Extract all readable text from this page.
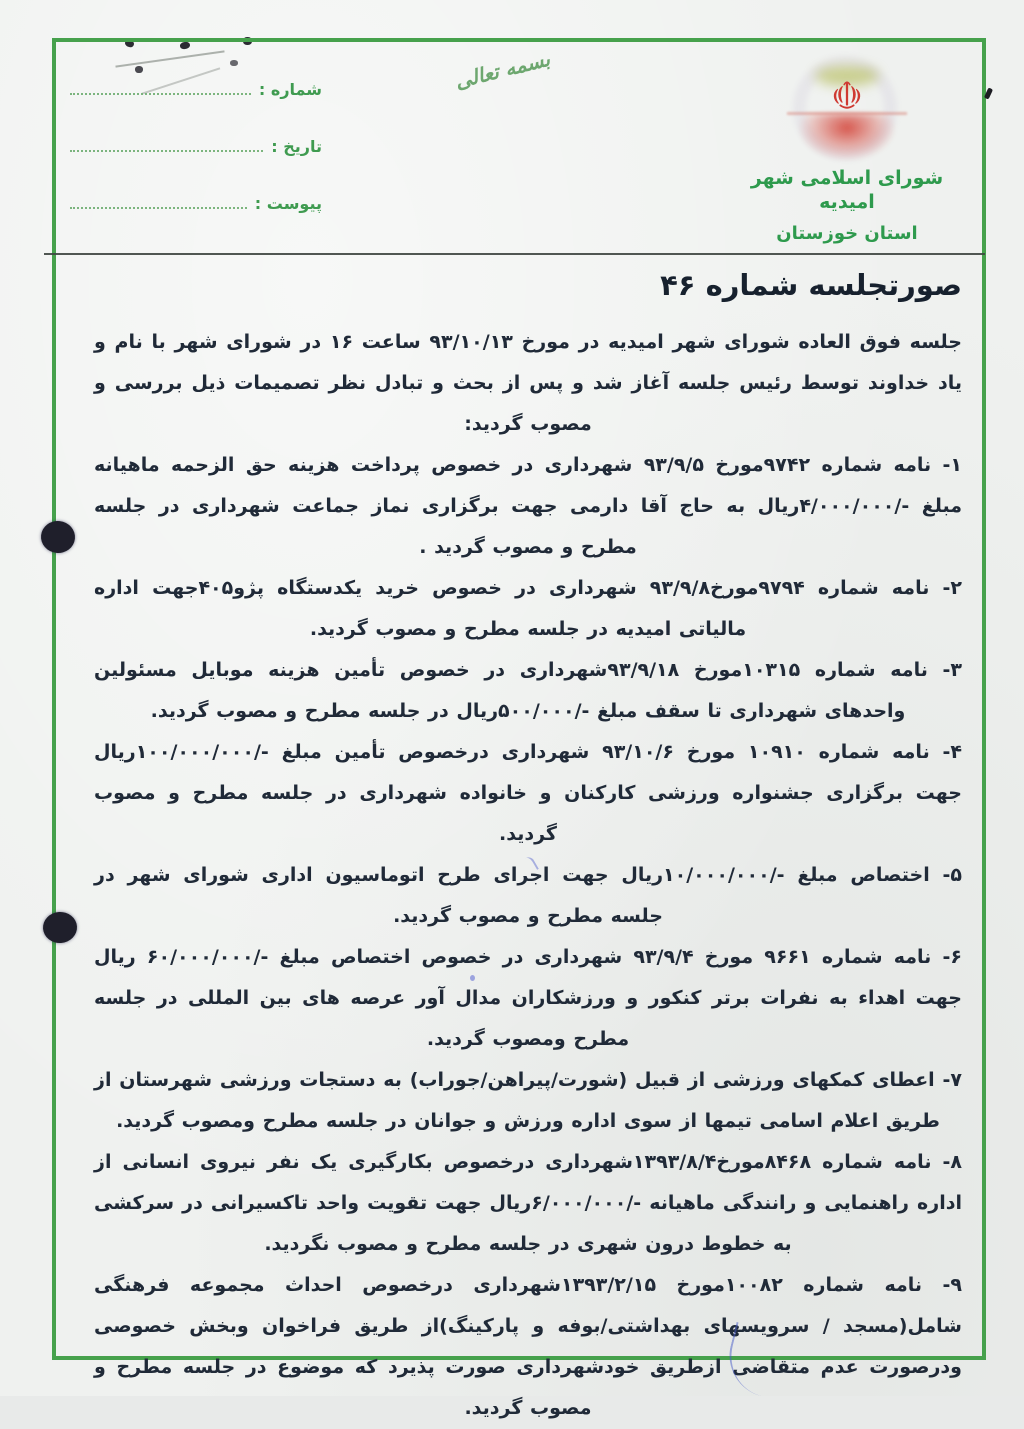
بسمه تعالی
شماره :
تاریخ :
پیوست :
شورای اسلامی شهر امیدیه
استان خوزستان
صورتجلسه شماره ۴۶

جلسه فوق العاده شورای شهر امیدیه در مورخ ۹۳/۱۰/۱۳ ساعت ۱۶ در شورای شهر با نام و یاد خداوند توسط رئیس جلسه آغاز شد و پس از بحث و تبادل نظر تصمیمات ذیل بررسی و مصوب گردید:

۱- نامه شماره ۹۷۴۲مورخ ۹۳/۹/۵ شهرداری در خصوص پرداخت هزینه حق الزحمه ماهیانه مبلغ -/۴/۰۰۰/۰۰۰ریال به حاج آقا دارمی جهت برگزاری نماز جماعت شهرداری در جلسه مطرح و مصوب گردید .

۲- نامه شماره ۹۷۹۴مورخ۹۳/۹/۸ شهرداری در خصوص خرید یکدستگاه پژو۴۰۵جهت اداره مالیاتی امیدیه در جلسه مطرح و مصوب گردید.

۳- نامه شماره ۱۰۳۱۵مورخ ۹۳/۹/۱۸شهرداری در خصوص تأمین هزینه موبایل مسئولین واحدهای شهرداری تا سقف مبلغ -/۵۰۰/۰۰۰ریال در جلسه مطرح و مصوب گردید.

۴- نامه شماره ۱۰۹۱۰ مورخ ۹۳/۱۰/۶ شهرداری درخصوص تأمین مبلغ -/۱۰۰/۰۰۰/۰۰۰ریال جهت برگزاری جشنواره ورزشی کارکنان و خانواده شهرداری در جلسه مطرح و مصوب گردید.

۵- اختصاص مبلغ -/۱۰/۰۰۰/۰۰۰ریال جهت اجرای طرح اتوماسیون اداری شورای شهر در جلسه مطرح و مصوب گردید.

۶- نامه شماره ۹۶۶۱ مورخ ۹۳/۹/۴ شهرداری در خصوص اختصاص مبلغ -/۶۰/۰۰۰/۰۰۰ ریال جهت اهداء به نفرات برتر کنکور و ورزشکاران مدال آور عرصه های بین المللی در جلسه مطرح ومصوب گردید.

۷- اعطای کمکهای ورزشی از قبیل (شورت/پیراهن/جوراب) به دستجات ورزشی شهرستان از طریق اعلام اسامی تیمها از سوی اداره ورزش و جوانان در جلسه مطرح ومصوب گردید.

۸- نامه شماره ۸۴۶۸مورخ۱۳۹۳/۸/۴شهرداری درخصوص بکارگیری یک نفر نیروی انسانی از اداره راهنمایی و رانندگی ماهیانه -/۶/۰۰۰/۰۰۰ریال جهت تقویت واحد تاکسیرانی در سرکشی به خطوط درون شهری در جلسه مطرح و مصوب نگردید.

۹- نامه شماره ۱۰۰۸۲مورخ ۱۳۹۳/۲/۱۵شهرداری درخصوص احداث مجموعه فرهنگی شامل(مسجد / سرویسهای بهداشتی/بوفه و پارکینگ)از طریق فراخوان وبخش خصوصی ودرصورت عدم متقاضی ازطریق خودشهرداری صورت پذیرد که موضوع در جلسه مطرح و مصوب گردید.
